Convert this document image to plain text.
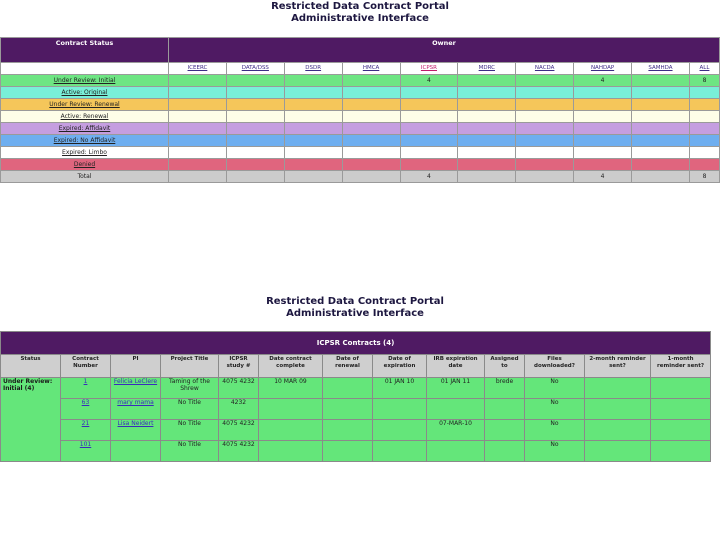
Restricted Data Contract Portal
Administrative Interface
Contract Status	Owner									
	ICEERC	DATA/DSS	DSDR	HMCA	ICPSR	MDRC	NACDA	NAHDAP	SAMHDA	ALL
Under Review: Initial					4			4		8
Active: Original										
Under Review: Renewal										
Active: Renewal										
Expired: Affidavit										
Expired: No Affidavit										
Expired: Limbo										
Denied										
Total					4			4		8
Restricted Data Contract Portal
Administrative Interface
ICPSR Contracts (4)												
Status	Contract Number	PI	Project Title	ICPSR study #	Date contract complete	Date of renewal	Date of expiration	IRB expiration date	Assigned to	Files downloaded?	2-month reminder sent?	1-month reminder sent?
Under Review: Initial (4)	1	Felicia LeClere	Taming of the Shrew	4075 4232	10 MAR 09		01 JAN 10	01 JAN 11	brede	No		
	63	mary mama	No Title	4232						No		
	21	Lisa Neidert	No Title	4075 4232				07-MAR-10		No		
	101		No Title	4075 4232						No		
